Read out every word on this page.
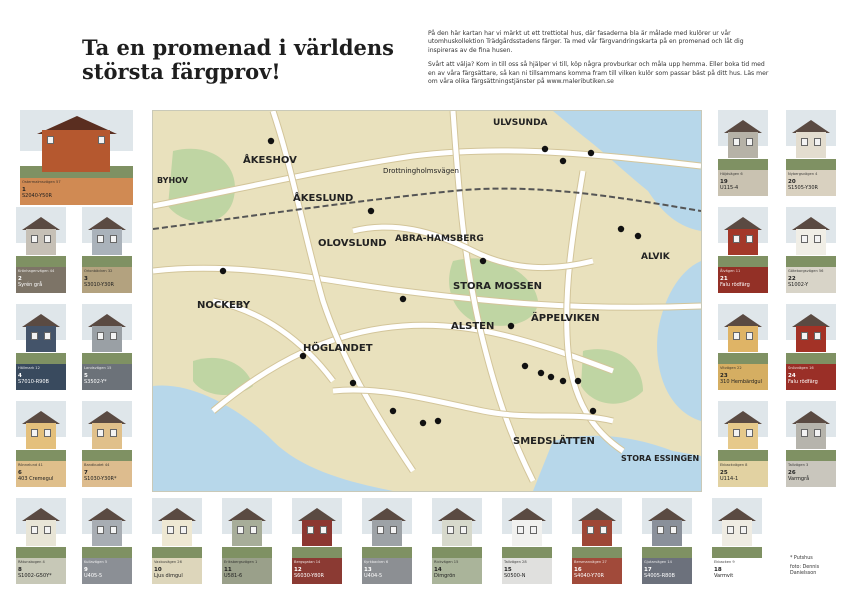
Ta en promenad i världens
största färgprov!

På den här kartan har vi märkt ut ett trettiotal hus, där fasaderna bla är målade med kulörer ur vår utomhuskollektion Trädgårdsstadens färger. Ta med vår färgvandringskarta på en promenad och låt dig inspireras av de fina husen.

Svårt att välja? Kom in till oss så hjälper vi till, köp några provburkar och måla upp hemma. Eller boka tid med en av våra färgsättare, så kan ni tillsammans komma fram till vilken kulör som passar bäst på ditt hus. Läs mer om våra olika färgsättningstjänster på www.maleributiken.se

ULVSUNDA
ÅKESHOV
BYHOV
ÅKESLUND
OLOVSLUND ABRA-HAMSBERG
STORA MOSSEN
ALVIK
NOCKEBY
HÖGLANDET
ALSTEN
ÄPPELVIKEN
SMEDSLÄTTEN
STORA ESSINGEN
Drottningholmsvägen
Ostermalmsvägen 57
1
S2040-Y50R
Krönhagenvägen 44
2
Syrén grå
Orionbäcken 32
3
S3010-Y30R
Hällmark 12
4
S7010-R90B
Landsvägen 15
5
S3502-Y*
Rönnelund 41
6
403 Cremegul
Bandbudet 44
7
S1030-Y30R*
Rätunskogen 4
8
S1002-G50Y*
Kullavägen 5
9
U405-5
Vaxbuvägen 26
10
Ljus dimgul
Eriksbergsvägen 1
11
U581-6
Bergsgatan 14
12
S6030-Y80R
Kyrkbacken 6
13
U404-5
Rickvägen 15
14
Dimgrön
Tallvägen 28
15
S0500-N
Bersmanvägen 27
16
S4040-Y70R
Gjutarvägen 14
17
S4005-R80B
Ekbacken 9
18
Varmvit
Höjdvägen 6
19
U115-4
Nybergsvägen 4
20
S1505-Y30R
Ålvägen 11
21
Falu rödfärg
Göteborgsvägen 56
22
S1002-Y
Vitvägen 22
23
310 Hembärdgul
Snövvägen 16
24
Falu rödfärg
Ekbackvägen 8
25
U114-1
Tallvägen 3
26
Varmgrå
* Putshus
foto: Dennis Danielsson
